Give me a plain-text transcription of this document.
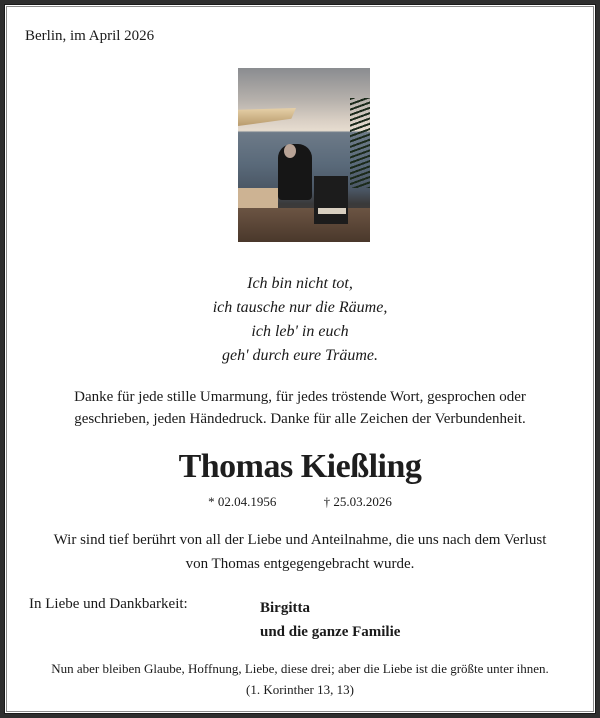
Berlin, im April 2026
Ich bin nicht tot,
ich tausche nur die Räume,
ich leb' in euch
geh' durch eure Träume.
Danke für jede stille Umarmung, für jedes tröstende Wort, gesprochen oder
geschrieben, jeden Händedruck. Danke für alle Zeichen der Verbundenheit.
Thomas Kießling
* 02.04.1956	† 25.03.2026
Wir sind tief berührt von all der Liebe und Anteilnahme, die uns nach dem Verlust
von Thomas entgegengebracht wurde.
In Liebe und Dankbarkeit:	Birgitta
und die ganze Familie
Nun aber bleiben Glaube, Hoffnung, Liebe, diese drei; aber die Liebe ist die größte unter ihnen.
(1. Korinther 13, 13)
